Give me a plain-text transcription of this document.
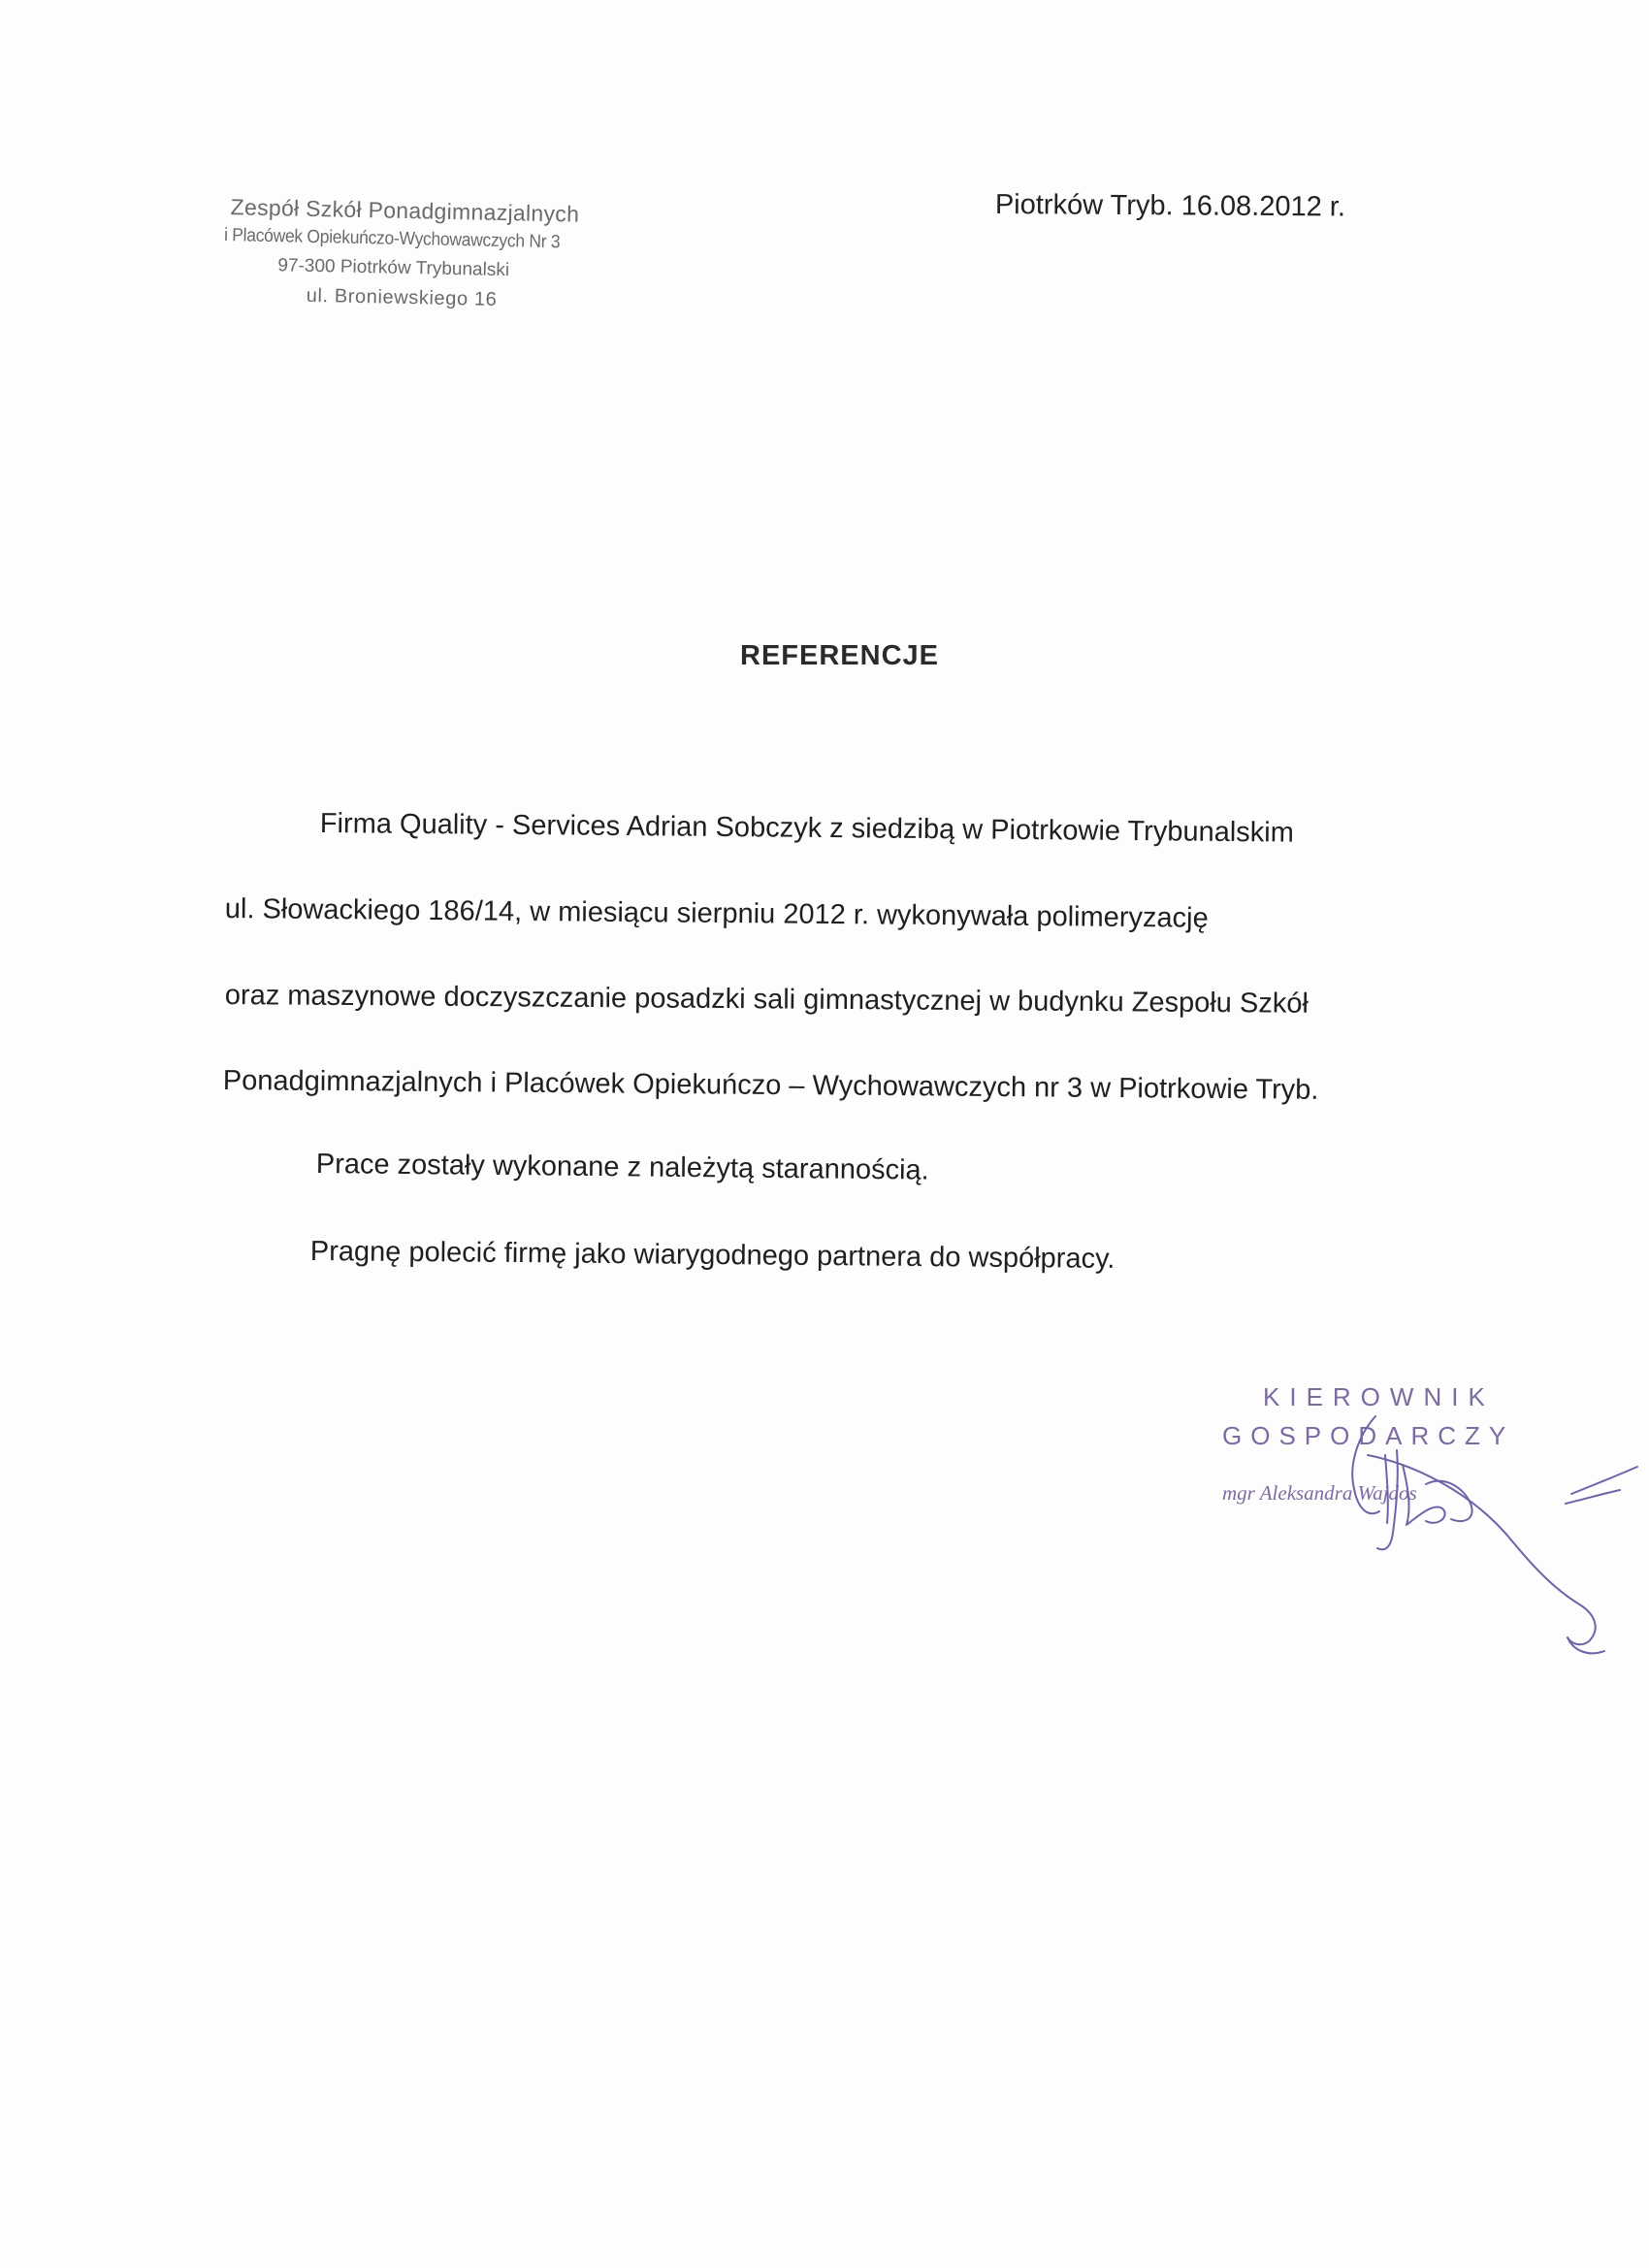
Zespół Szkół Ponadgimnazjalnych
i Placówek Opiekuńczo-Wychowawczych Nr 3
97-300 Piotrków Trybunalski
ul. Broniewskiego 16
Piotrków Tryb. 16.08.2012 r.
REFERENCJE
Firma Quality - Services Adrian Sobczyk z siedzibą w Piotrkowie Trybunalskim
ul. Słowackiego 186/14, w miesiącu sierpniu 2012 r. wykonywała polimeryzację
oraz maszynowe doczyszczanie posadzki sali gimnastycznej w budynku Zespołu Szkół
Ponadgimnazjalnych i Placówek Opiekuńczo – Wychowawczych nr 3 w Piotrkowie Tryb.
Prace zostały wykonane z należytą starannością.
Pragnę polecić firmę jako wiarygodnego partnera do współpracy.
KIEROWNIK
GOSPODARCZY
mgr Aleksandra Wajdos
